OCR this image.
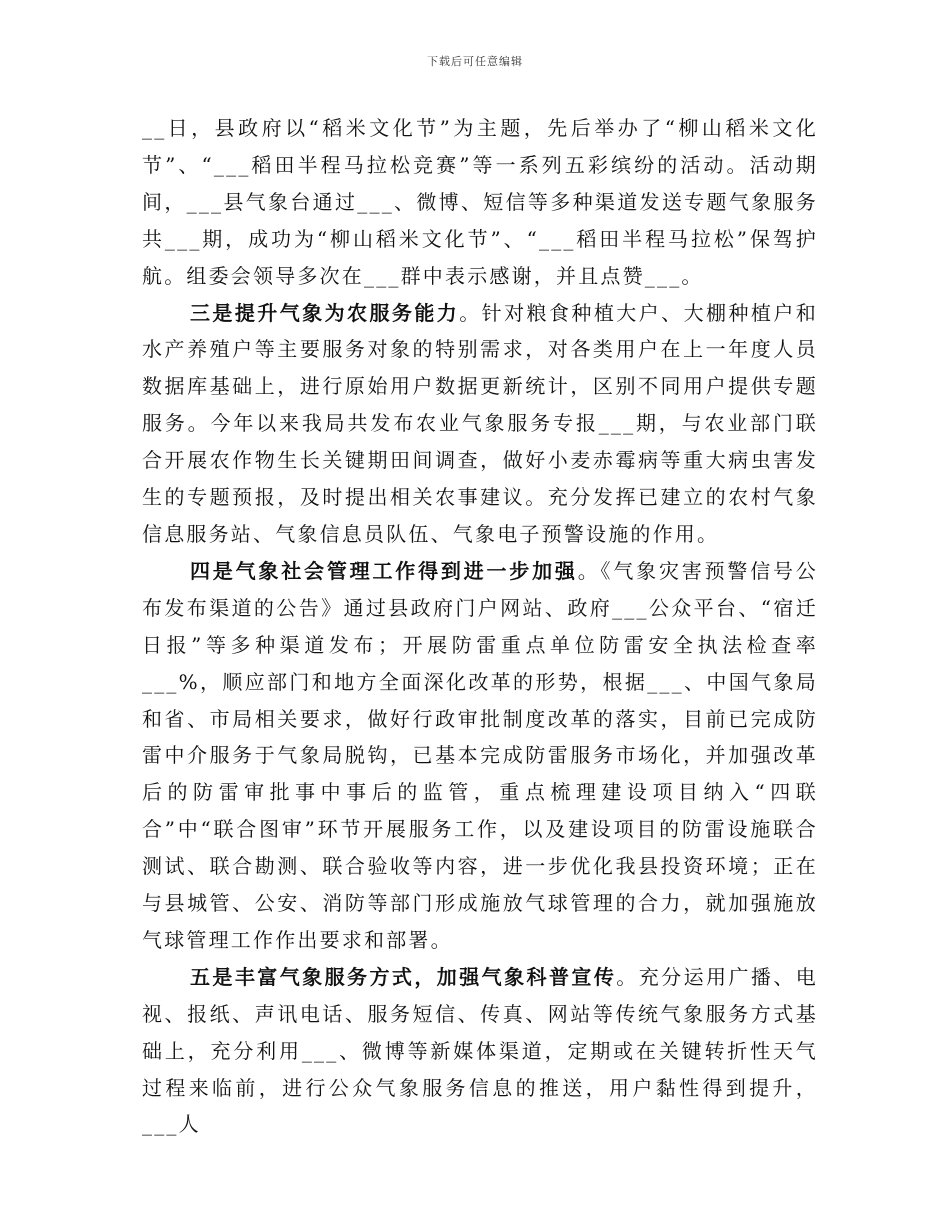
下载后可任意编辑

__日，县政府以“稻米文化节”为主题，先后举办了“柳山稻米文化节”、“___稻田半程马拉松竞赛”等一系列五彩缤纷的活动。活动期间，___县气象台通过___、微博、短信等多种渠道发送专题气象服务共___期，成功为“柳山稻米文化节”、“___稻田半程马拉松”保驾护航。组委会领导多次在___群中表示感谢，并且点赞___。

三是提升气象为农服务能力。针对粮食种植大户、大棚种植户和水产养殖户等主要服务对象的特别需求，对各类用户在上一年度人员数据库基础上，进行原始用户数据更新统计，区别不同用户提供专题服务。今年以来我局共发布农业气象服务专报___期，与农业部门联合开展农作物生长关键期田间调查，做好小麦赤霉病等重大病虫害发生的专题预报，及时提出相关农事建议。充分发挥已建立的农村气象信息服务站、气象信息员队伍、气象电子预警设施的作用。

四是气象社会管理工作得到进一步加强。《气象灾害预警信号公布发布渠道的公告》通过县政府门户网站、政府___公众平台、“宿迁日报”等多种渠道发布；开展防雷重点单位防雷安全执法检查率___%，顺应部门和地方全面深化改革的形势，根据___、中国气象局和省、市局相关要求，做好行政审批制度改革的落实，目前已完成防雷中介服务于气象局脱钩，已基本完成防雷服务市场化，并加强改革后的防雷审批事中事后的监管，重点梳理建设项目纳入“四联合”中“联合图审”环节开展服务工作，以及建设项目的防雷设施联合测试、联合勘测、联合验收等内容，进一步优化我县投资环境；正在与县城管、公安、消防等部门形成施放气球管理的合力，就加强施放气球管理工作作出要求和部署。

五是丰富气象服务方式，加强气象科普宣传。充分运用广播、电视、报纸、声讯电话、服务短信、传真、网站等传统气象服务方式基础上，充分利用___、微博等新媒体渠道，定期或在关键转折性天气过程来临前，进行公众气象服务信息的推送，用户黏性得到提升，___人
